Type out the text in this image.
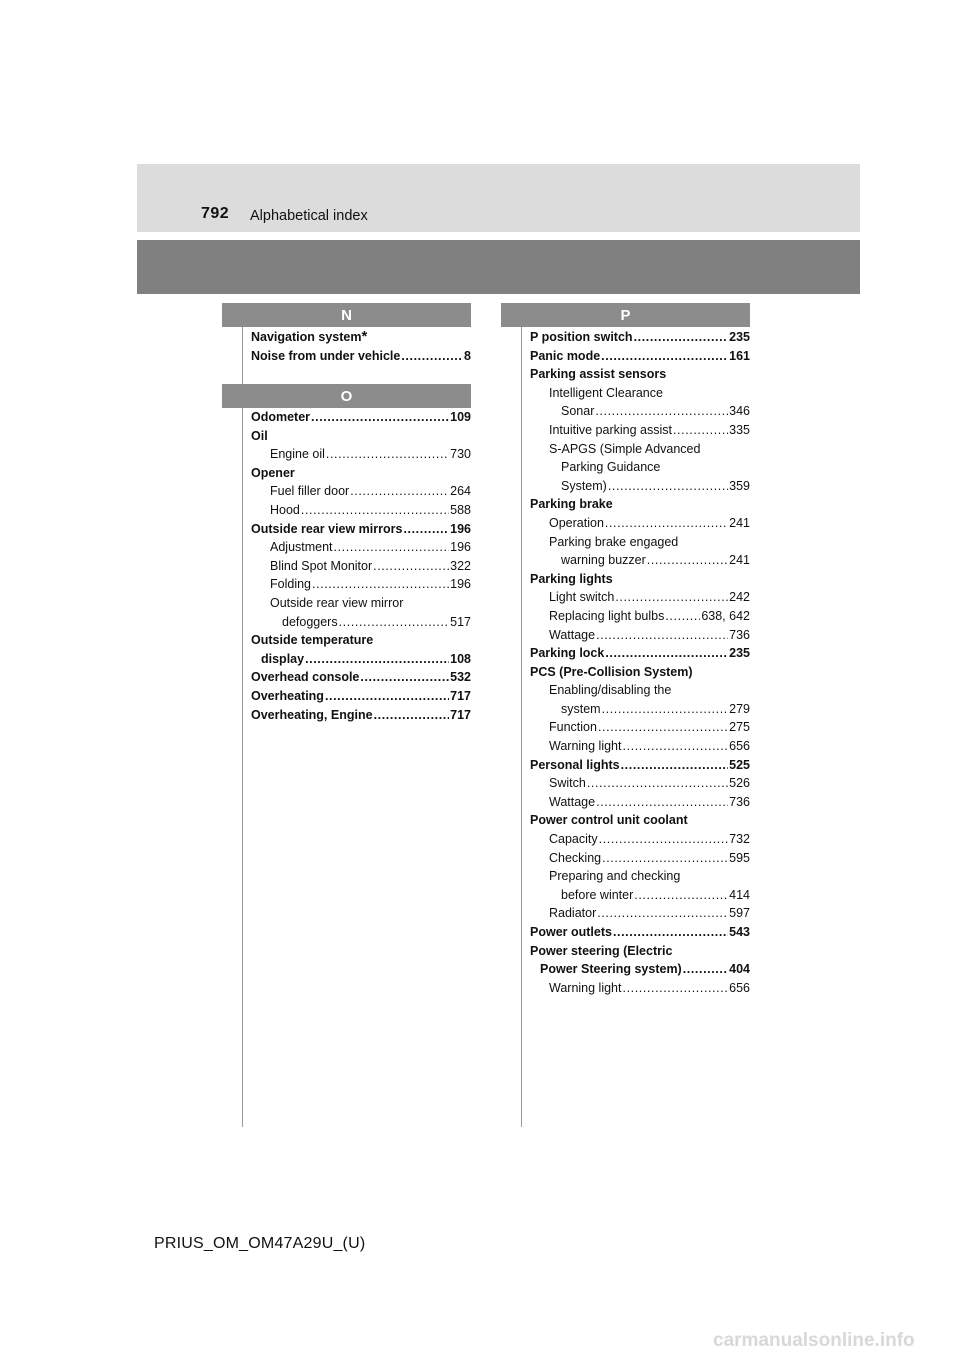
792 Alphabetical index
N
Navigation system *
Noise from under vehicle .....	8
O
Odometer .....	109
Oil
Engine oil .....	730
Opener
Fuel filler door .....	264
Hood .....	588
Outside rear view mirrors .....	196
Adjustment .....	196
Blind Spot Monitor .....	322
Folding .....	196
Outside rear view mirror
defoggers .....	517
Outside temperature
display .....	108
Overhead console .....	532
Overheating .....	717
Overheating, Engine .....	717
P
P position switch .....	235
Panic mode .....	161
Parking assist sensors
Intelligent Clearance
Sonar .....	346
Intuitive parking assist .....	335
S-APGS (Simple Advanced
Parking Guidance
System) .....	359
Parking brake
Operation .....	241
Parking brake engaged
warning buzzer .....	241
Parking lights
Light switch .....	242
Replacing light bulbs .....	638, 642
Wattage .....	736
Parking lock .....	235
PCS (Pre-Collision System)
Enabling/disabling the
system .....	279
Function .....	275
Warning light .....	656
Personal lights .....	525
Switch .....	526
Wattage .....	736
Power control unit coolant
Capacity .....	732
Checking .....	595
Preparing and checking
before winter .....	414
Radiator .....	597
Power outlets .....	543
Power steering (Electric
Power Steering system) .....	404
Warning light .....	656
PRIUS_OM_OM47A29U_(U)
carmanualsonline.info
